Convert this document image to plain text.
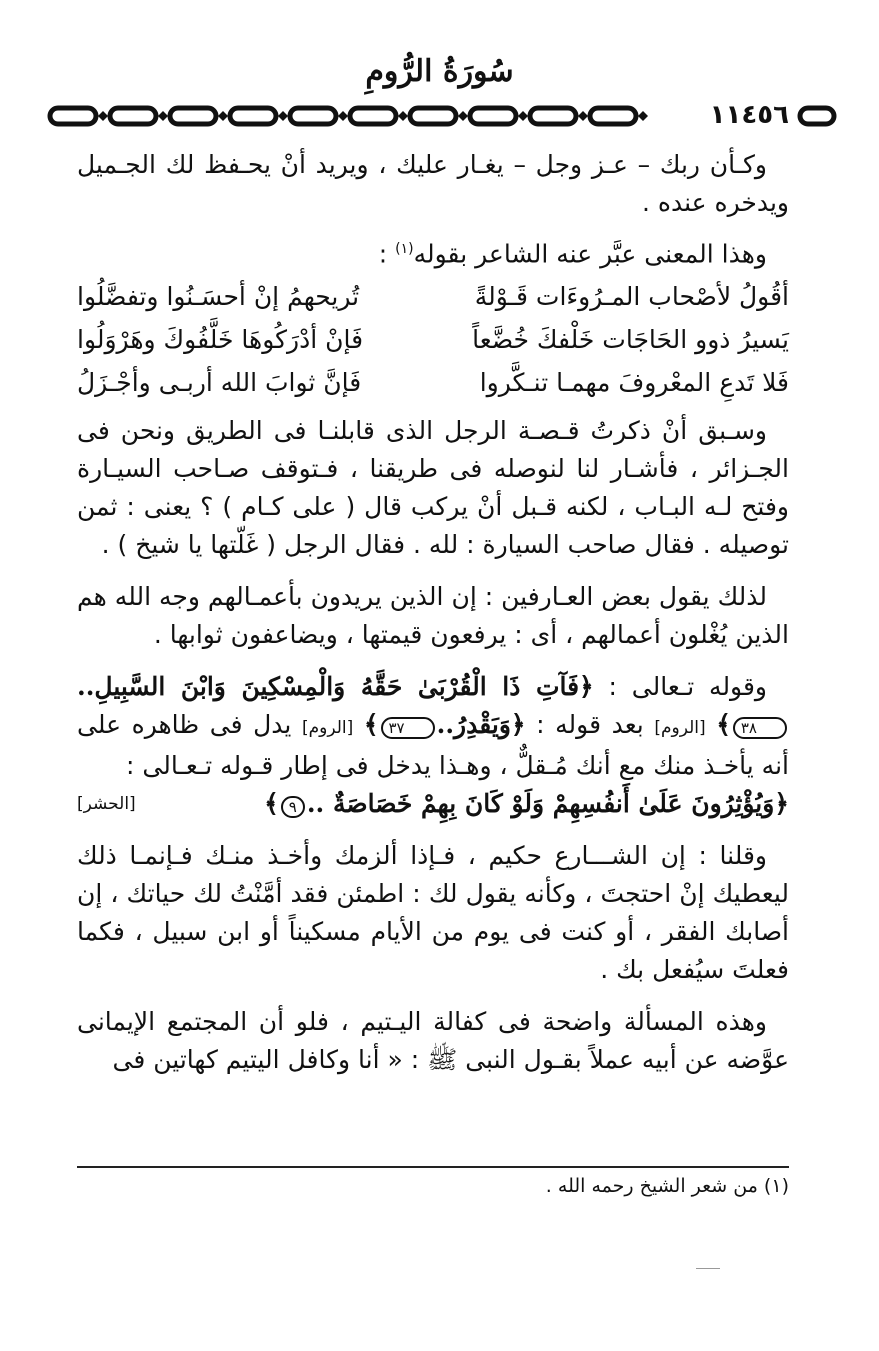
سُورَةُ الرُّومِ
١١٤٥٦

وكـأن ربك – عـز وجل – يغـار عليك ، ويريد أنْ يحـفظ لك الجـميل ويدخره عنده .

وهذا المعنى عبَّر عنه الشاعر بقوله$^{(١)}$ :

أقُولُ لأصْحاب المـرُوءَات قَـوْلةً
تُريحهمُ إنْ أحسَـنُوا وتفضَّلُوا
يَسيرُ ذوو الحَاجَات خَلْفكَ خُضَّعاً
فَإنْ أدْرَكُوهَا خَلَّفُوكَ وهَرْوَلُوا
فَلا تَدعِ المعْروفَ مهمـا تنـكَّروا
فَإنَّ ثوابَ الله أربـى وأجْـزَلُ

وسـبق أنْ ذكرتُ قـصـة الرجل الذى قابلنـا فى الطريق ونحن فى الجـزائر ، فأشـار لنا لنوصله فى طريقنا ، فـتوقف صـاحب السيـارة وفتح لـه البـاب ، لكنه قـبل أنْ يركب قال ( على كـام ) ؟ يعنى : ثمن توصيله . فقال صاحب السيارة : لله . فقال الرجل ( غَلّتها يا شيخ ) .

لذلك يقول بعض العـارفين : إن الذين يريدون بأعمـالهم وجه الله هم الذين يُغْلون أعمالهم ، أى : يرفعون قيمتها ، ويضاعفون ثوابها .

وقوله تـعالى : ﴿فَآتِ ذَا الْقُرْبَىٰ حَقَّهُ وَالْمِسْكِينَ وَابْنَ السَّبِيلِ.. ٣٨﴾ [الروم] بعد قوله : ﴿وَيَقْدِرُ..٣٧﴾ [الروم] يدل فى ظاهره على أنه يأخـذ منك مع أنك مُـقلٌّ ، وهـذا يدخل فى إطار قـوله تـعـالى :

﴿وَيُؤْثِرُونَ عَلَىٰ أَنفُسِهِمْ وَلَوْ كَانَ بِهِمْ خَصَاصَةٌ ..٩﴾
[الحشر]

وقلنا : إن الشـــارع حكيم ، فـإذا ألزمك وأخـذ منـك فـإنمـا ذلك ليعطيك إنْ احتجتَ ، وكأنه يقول لك : اطمئن فقد أمَّنْتُ لك حياتك ، إن أصابك الفقر ، أو كنت فى يوم من الأيام مسكيناً أو ابن سبيل ، فكما فعلتَ سيُفعل بك .

وهذه المسألة واضحة فى كفالة اليـتيم ، فلو أن المجتمع الإيمانى عوَّضه عن أبيه عملاً بقـول النبى ﷺ : « أنا وكافل اليتيم كهاتين فى

(١) من شعر الشيخ رحمه الله .
